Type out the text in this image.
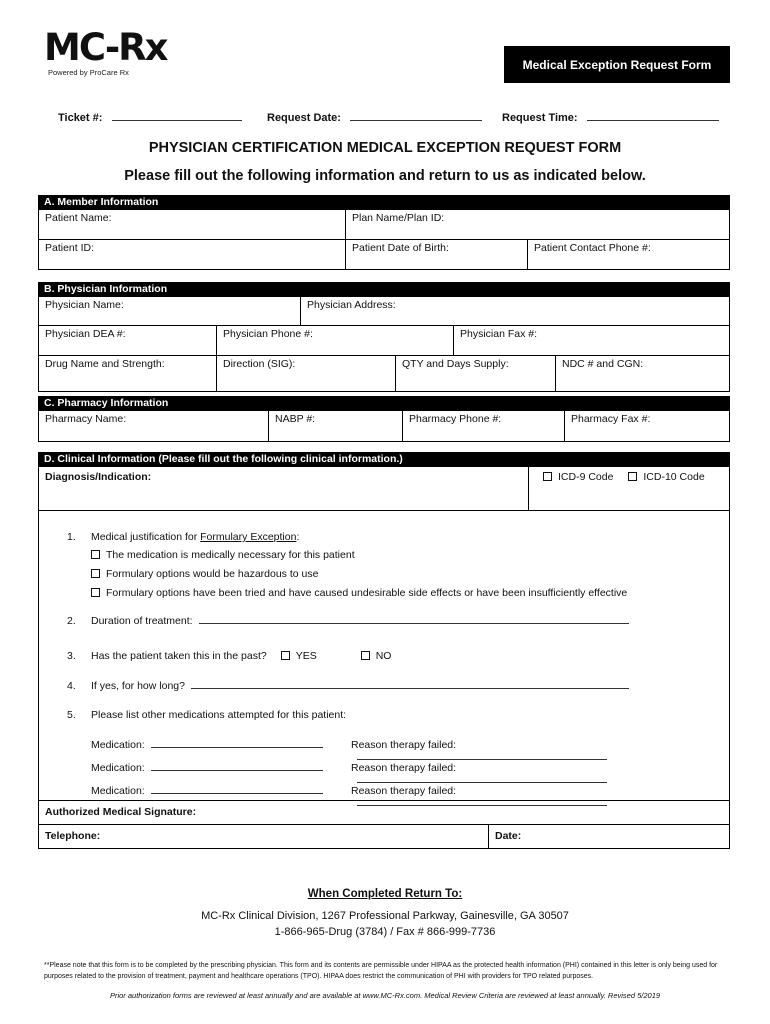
MC-Rx
Powered by ProCare Rx
Medical Exception Request Form
Ticket #:	Request Date:	Request Time:
PHYSICIAN CERTIFICATION MEDICAL EXCEPTION REQUEST FORM
Please fill out the following information and return to us as indicated below.
A. Member Information
Patient Name:	Plan Name/Plan ID:
Patient ID:	Patient Date of Birth:	Patient Contact Phone #:
B. Physician Information
Physician Name:	Physician Address:
Physician DEA #:	Physician Phone #:	Physician Fax #:
Drug Name and Strength:	Direction (SIG):	QTY and Days Supply:	NDC # and CGN:
C. Pharmacy Information
Pharmacy Name:	NABP #:	Pharmacy Phone #:	Pharmacy Fax #:
D. Clinical Information (Please fill out the following clinical information.)
Diagnosis/Indication:	ICD-9 Code	ICD-10 Code
1. Medical justification for Formulary Exception:
The medication is medically necessary for this patient
Formulary options would be hazardous to use
Formulary options have been tried and have caused undesirable side effects or have been insufficiently effective
2. Duration of treatment:
3. Has the patient taken this in the past?	YES	NO
4. If yes, for how long?
5. Please list other medications attempted for this patient:
Medication:	Reason therapy failed:
Medication:	Reason therapy failed:
Medication:	Reason therapy failed:
Authorized Medical Signature:
Telephone:	Date:
When Completed Return To:
MC-Rx Clinical Division, 1267 Professional Parkway, Gainesville, GA 30507
1-866-965-Drug (3784) / Fax # 866-999-7736
**Please note that this form is to be completed by the prescribing physician. This form and its contents are permissible under HIPAA as the protected health information (PHI) contained in this letter is only being used for purposes related to the provision of treatment, payment and healthcare operations (TPO). HIPAA does restrict the communication of PHI with providers for TPO related purposes.
Prior authorization forms are reviewed at least annually and are available at www.MC-Rx.com. Medical Review Criteria are reviewed at least annually. Revised 5/2019
